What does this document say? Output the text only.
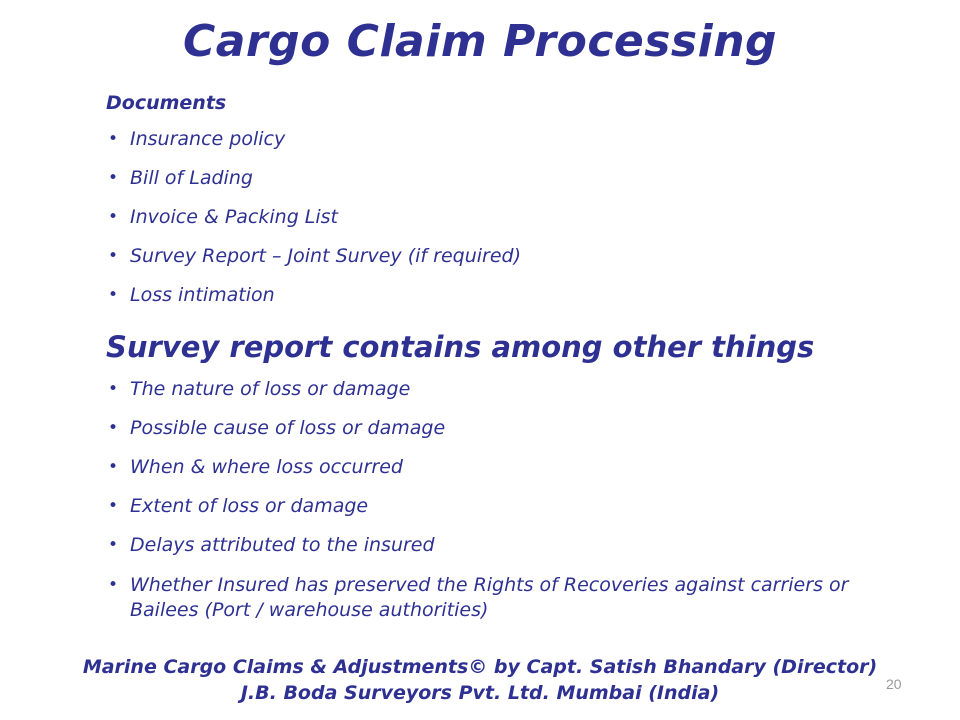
Cargo Claim Processing
Documents
• Insurance policy
• Bill of Lading
• Invoice & Packing List
• Survey Report – Joint Survey (if required)
• Loss intimation
Survey report contains among other things
• The nature of loss or damage
• Possible cause of loss or damage
• When & where loss occurred
• Extent of loss or damage
• Delays attributed to the insured
• Whether Insured has preserved the Rights of Recoveries against carriers or Bailees (Port / warehouse authorities)
Marine Cargo Claims & Adjustments© by Capt. Satish Bhandary (Director)
J.B. Boda Surveyors Pvt. Ltd. Mumbai (India)	20
